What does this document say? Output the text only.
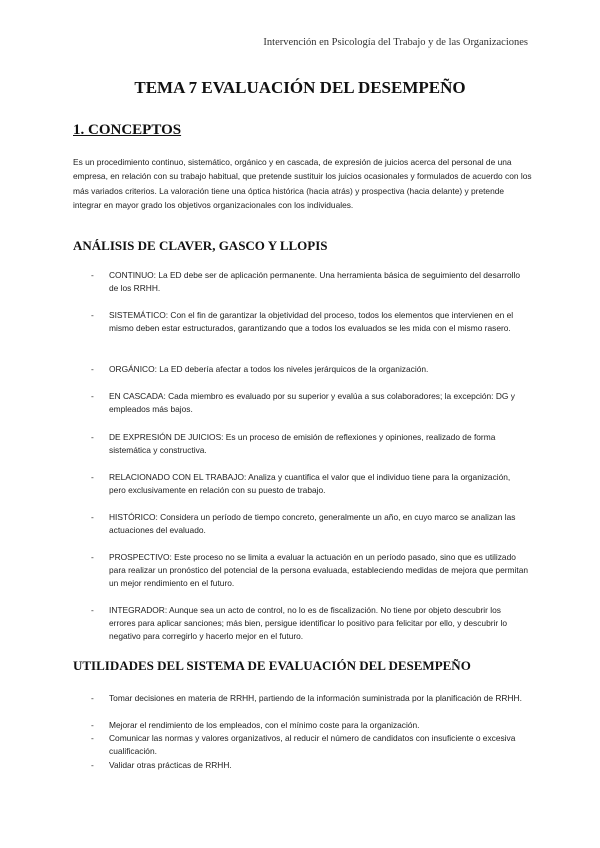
Intervención en Psicología del Trabajo y de las Organizaciones
TEMA 7 EVALUACIÓN DEL DESEMPEÑO
1. CONCEPTOS

Es un procedimiento continuo, sistemático, orgánico y en cascada, de expresión de juicios acerca del personal de una empresa, en relación con su trabajo habitual, que pretende sustituir los juicios ocasionales y formulados de acuerdo con los más variados criterios. La valoración tiene una óptica histórica (hacia atrás) y prospectiva (hacia delante) y pretende integrar en mayor grado los objetivos organizacionales con los individuales.

ANÁLISIS DE CLAVER, GASCO Y LLOPIS
- CONTINUO: La ED debe ser de aplicación permanente. Una herramienta básica de seguimiento del desarrollo de los RRHH.
- SISTEMÁTICO: Con el fin de garantizar la objetividad del proceso, todos los elementos que intervienen en el mismo deben estar estructurados, garantizando que a todos los evaluados se les mida con el mismo rasero.
- ORGÁNICO: La ED debería afectar a todos los niveles jerárquicos de la organización.
- EN CASCADA: Cada miembro es evaluado por su superior y evalúa a sus colaboradores; la excepción: DG y empleados más bajos.
- DE EXPRESIÓN DE JUICIOS: Es un proceso de emisión de reflexiones y opiniones, realizado de forma sistemática y constructiva.
- RELACIONADO CON EL TRABAJO: Analiza y cuantifica el valor que el individuo tiene para la organización, pero exclusivamente en relación con su puesto de trabajo.
- HISTÓRICO: Considera un período de tiempo concreto, generalmente un año, en cuyo marco se analizan las actuaciones del evaluado.
- PROSPECTIVO: Este proceso no se limita a evaluar la actuación en un período pasado, sino que es utilizado para realizar un pronóstico del potencial de la persona evaluada, estableciendo medidas de mejora que permitan un mejor rendimiento en el futuro.
- INTEGRADOR: Aunque sea un acto de control, no lo es de fiscalización. No tiene por objeto descubrir los errores para aplicar sanciones; más bien, persigue identificar lo positivo para felicitar por ello, y descubrir lo negativo para corregirlo y hacerlo mejor en el futuro.
UTILIDADES DEL SISTEMA DE EVALUACIÓN DEL DESEMPEÑO
- Tomar decisiones en materia de RRHH, partiendo de la información suministrada por la planificación de RRHH.
- Mejorar el rendimiento de los empleados, con el mínimo coste para la organización.
- Comunicar las normas y valores organizativos, al reducir el número de candidatos con insuficiente o excesiva cualificación.
- Validar otras prácticas de RRHH.
